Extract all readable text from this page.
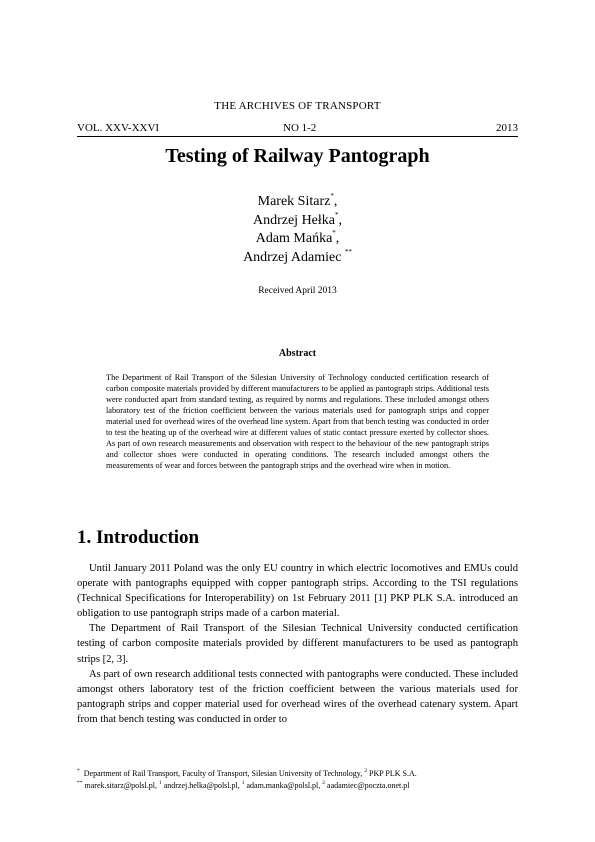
THE ARCHIVES OF TRANSPORT
VOL. XXV-XXVI	NO 1-2	2013
Testing of Railway Pantograph
Marek Sitarz*,
Andrzej Hełka*,
Adam Mańka*,
Andrzej Adamiec **
Received April 2013
Abstract
The Department of Rail Transport of the Silesian University of Technology conducted certification research of carbon composite materials provided by different manufacturers to be applied as pantograph strips. Additional tests were conducted apart from standard testing, as required by norms and regulations. These included amongst others laboratory test of the friction coefficient between the various materials used for pantograph strips and copper material used for overhead wires of the overhead line system. Apart from that bench testing was conducted in order to test the heating up of the overhead wire at different values of static contact pressure exerted by collector shoes. As part of own research measurements and observation with respect to the behaviour of the new pantograph strips and collector shoes were conducted in operating conditions. The research included amongst others the measurements of wear and forces between the pantograph strips and the overhead wire when in motion.
1. Introduction

Until January 2011 Poland was the only EU country in which electric locomotives and EMUs could operate with pantographs equipped with copper pantograph strips. According to the TSI regulations (Technical Specifications for Interoperability) on 1st February 2011 [1] PKP PLK S.A. introduced an obligation to use pantograph strips made of a carbon material.

The Department of Rail Transport of the Silesian Technical University conducted certification testing of carbon composite materials provided by different manufacturers to be used as pantograph strips [2, 3].

As part of own research additional tests connected with pantographs were conducted. These included amongst others laboratory test of the friction coefficient between the various materials used for pantograph strips and copper material used for overhead wires of the overhead catenary system. Apart from that bench testing was conducted in order to

* Department of Rail Transport, Faculty of Transport, Silesian University of Technology, $^2$ PKP PLK S.A.
** marek.sitarz@polsl.pl, $^1$ andrzej.helka@polsl.pl, $^1$ adam.manka@polsl.pl, $^2$ aadamiec@poczta.onet.pl
